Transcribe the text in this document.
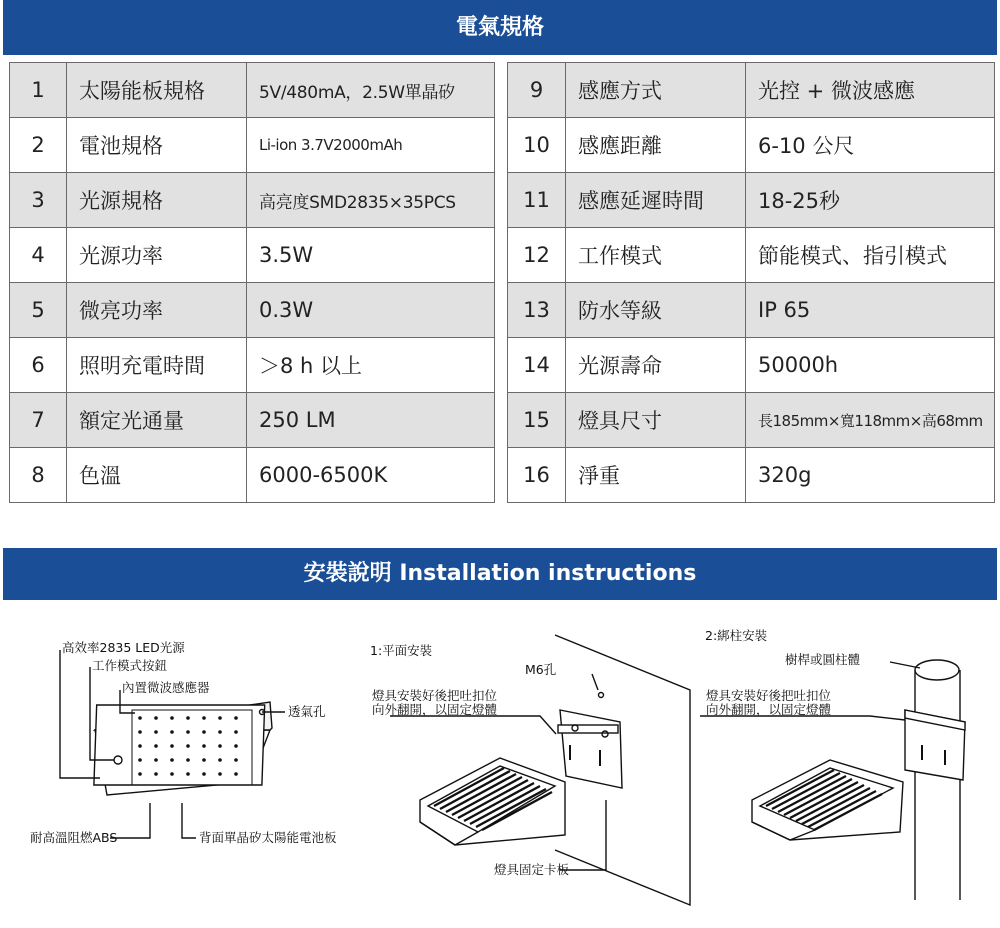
電氣規格
1	太陽能板規格	5V/480mA，2.5W單晶矽
2	電池規格	Li-ion 3.7V2000mAh
3	光源規格	高亮度SMD2835×35PCS
4	光源功率	3.5W
5	微亮功率	0.3W
6	照明充電時間	＞8 h 以上
7	額定光通量	250 LM
8	色溫	6000-6500K
9	感應方式	光控 + 微波感應
10	感應距離	6-10 公尺
11	感應延遲時間	18-25秒
12	工作模式	節能模式、指引模式
13	防水等級	IP 65
14	光源壽命	50000h
15	燈具尺寸	長185mm×寬118mm×高68mm
16	淨重	320g
安裝說明 Installation instructions
高效率2835 LED光源
工作模式按鈕
內置微波感應器
透氣孔
耐高溫阻燃ABS	背面單晶矽太陽能電池板
1:平面安裝
M6孔
燈具安裝好後把吐扣位
向外翻開，以固定燈體
燈具固定卡板
2:綁柱安裝
樹桿或圓柱體
燈具安裝好後把吐扣位
向外翻開，以固定燈體
